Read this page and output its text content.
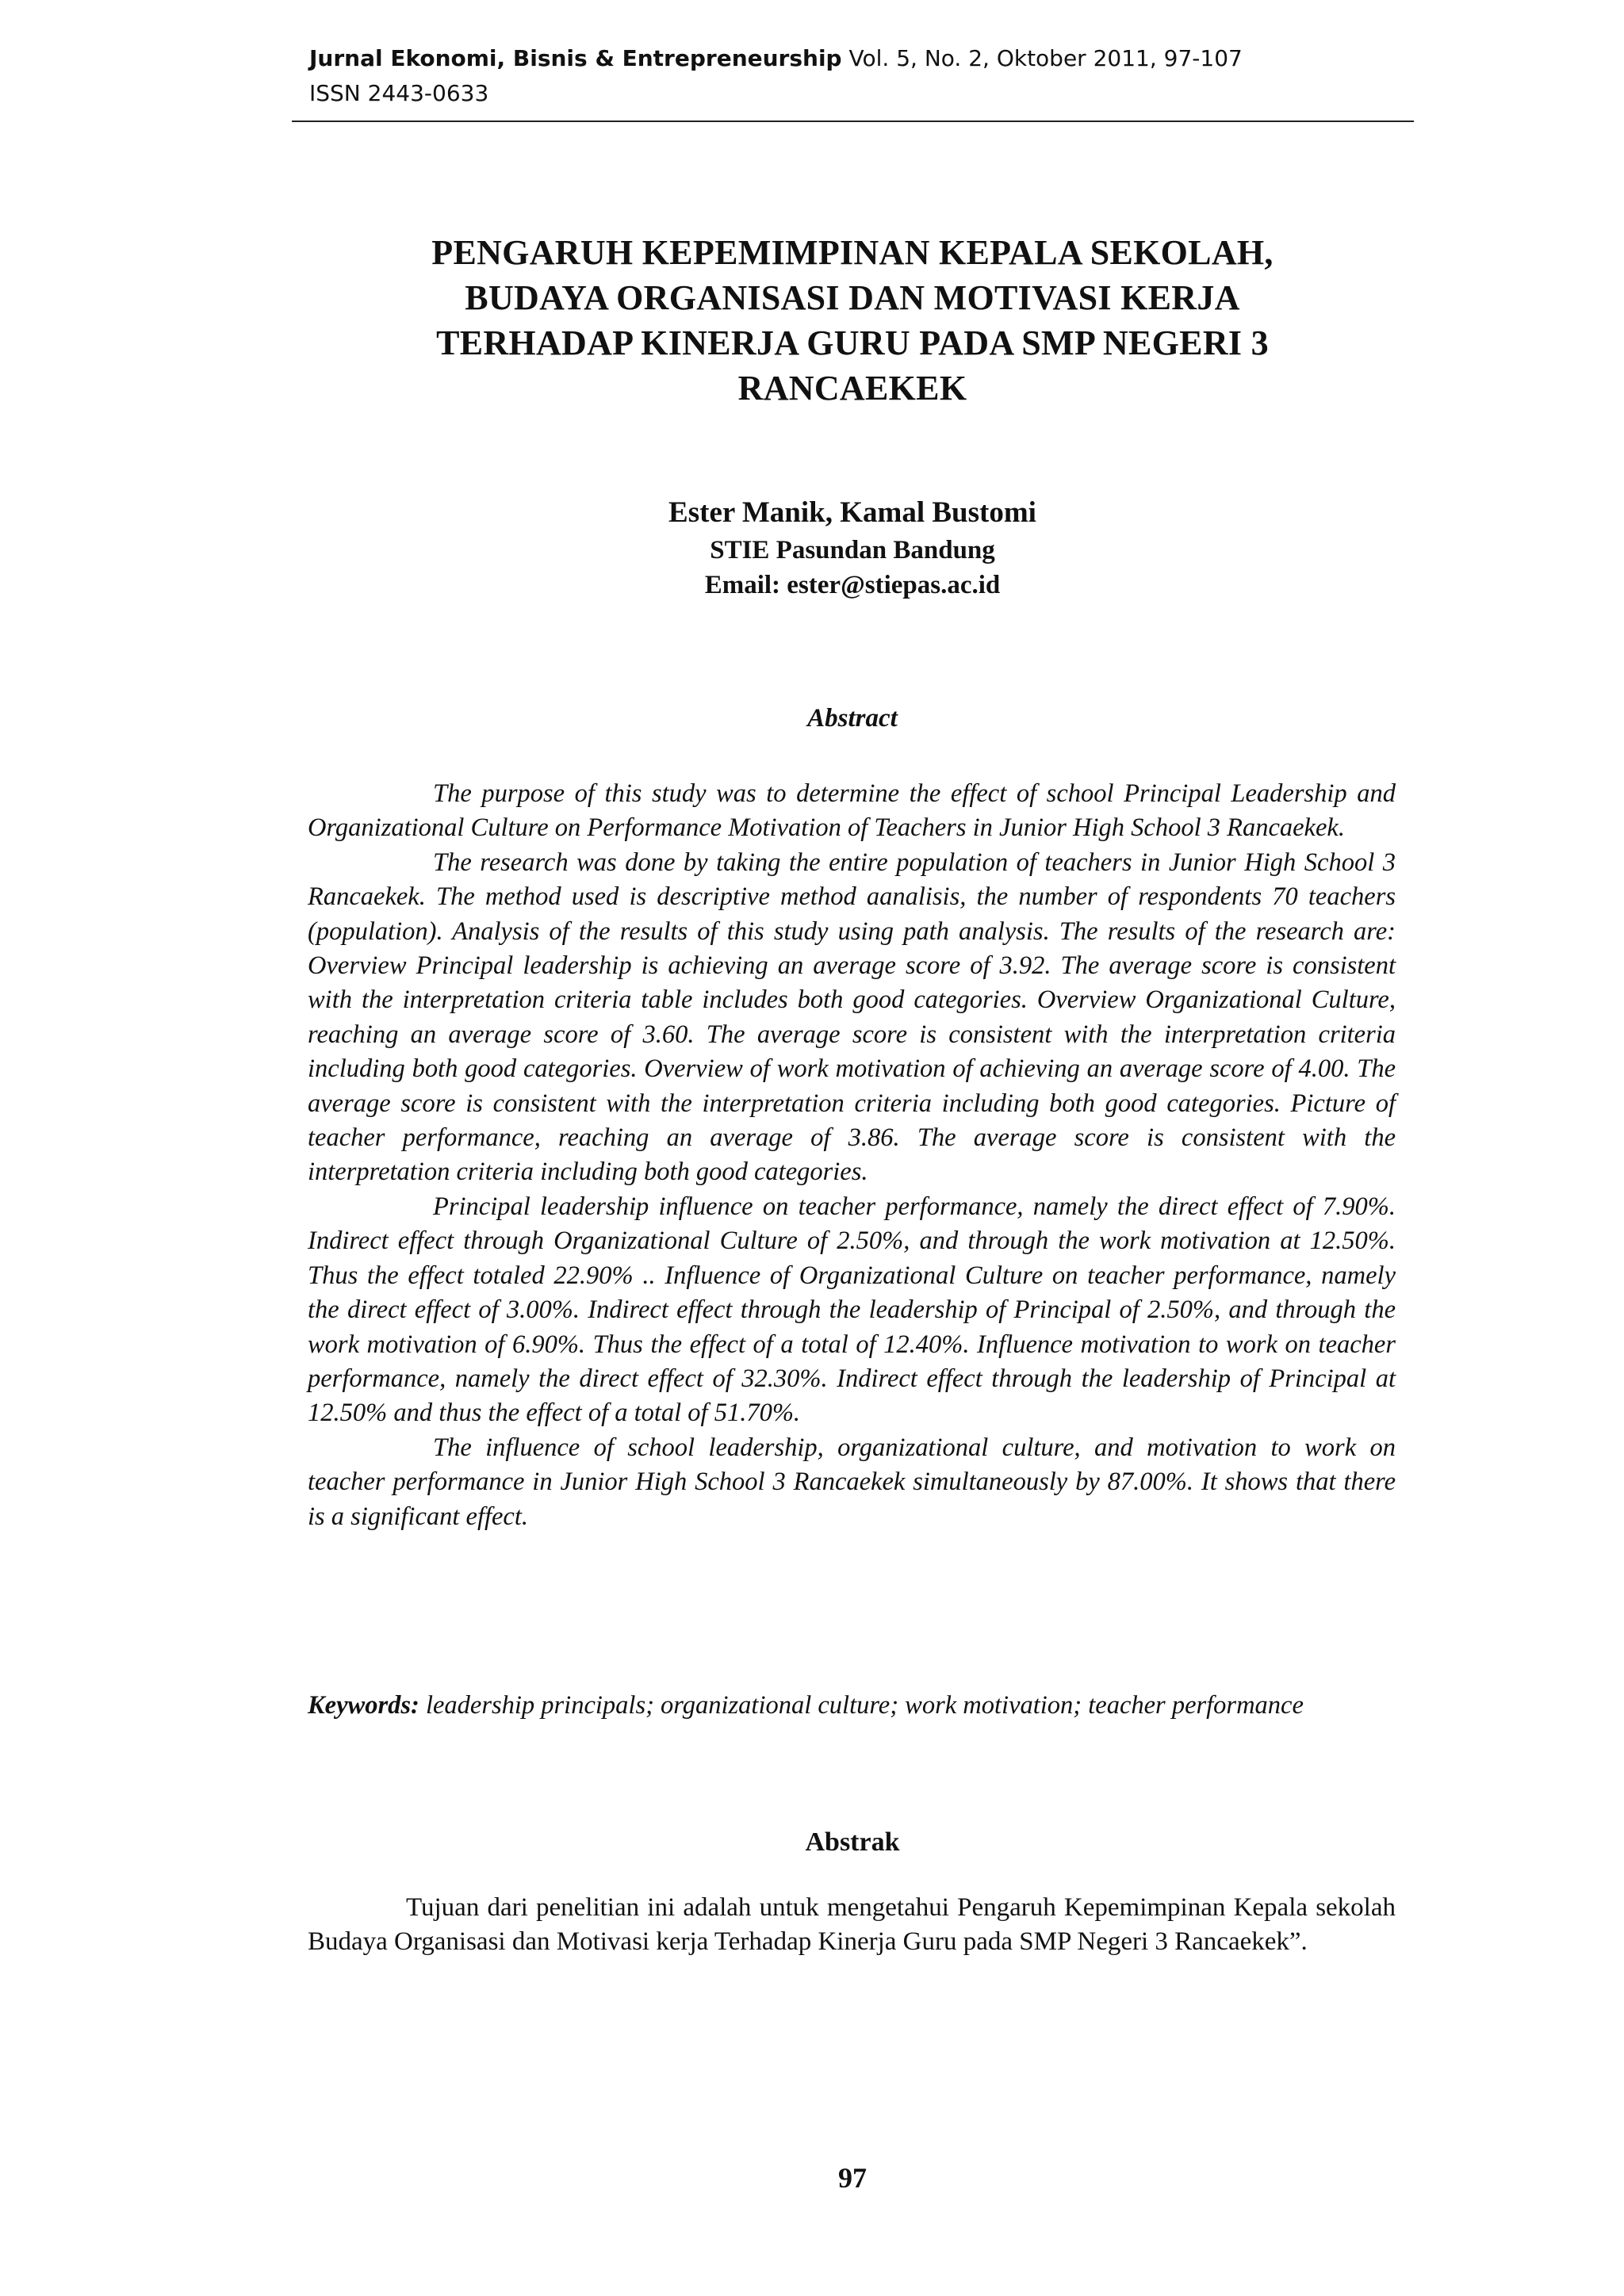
Jurnal Ekonomi, Bisnis & Entrepreneurship Vol. 5, No. 2, Oktober 2011, 97-107
ISSN 2443-0633
PENGARUH KEPEMIMPINAN KEPALA SEKOLAH,
BUDAYA ORGANISASI DAN MOTIVASI KERJA
TERHADAP KINERJA GURU PADA SMP NEGERI 3
RANCAEKEK
Ester Manik, Kamal Bustomi
STIE Pasundan Bandung
Email: ester@stiepas.ac.id
Abstract

The purpose of this study was to determine the effect of school Principal Leadership and Organizational Culture on Performance Motivation of Teachers in Junior High School 3 Rancaekek.

The research was done by taking the entire population of teachers in Junior High School 3 Rancaekek. The method used is descriptive method aanalisis, the number of respondents 70 teachers (population). Analysis of the results of this study using path analysis. The results of the research are: Overview Principal leadership is achieving an average score of 3.92. The average score is consistent with the interpretation criteria table includes both good categories. Overview Organizational Culture, reaching an average score of 3.60. The average score is consistent with the interpretation criteria including both good categories. Overview of work motivation of achieving an average score of 4.00. The average score is consistent with the interpretation criteria including both good categories. Picture of teacher performance, reaching an average of 3.86. The average score is consistent with the interpretation criteria including both good categories.

Principal leadership influence on teacher performance, namely the direct effect of 7.90%. Indirect effect through Organizational Culture of 2.50%, and through the work motivation at 12.50%. Thus the effect totaled 22.90% .. Influence of Organizational Culture on teacher performance, namely the direct effect of 3.00%. Indirect effect through the leadership of Principal of 2.50%, and through the work motivation of 6.90%. Thus the effect of a total of 12.40%. Influence motivation to work on teacher performance, namely the direct effect of 32.30%. Indirect effect through the leadership of Principal at 12.50% and thus the effect of a total of 51.70%.

The influence of school leadership, organizational culture, and motivation to work on teacher performance in Junior High School 3 Rancaekek simultaneously by 87.00%. It shows that there is a significant effect.

Keywords: leadership principals; organizational culture; work motivation; teacher performance
Abstrak

Tujuan dari penelitian ini adalah untuk mengetahui Pengaruh Kepemimpinan Kepala sekolah Budaya Organisasi dan Motivasi kerja Terhadap Kinerja Guru pada SMP Negeri 3 Rancaekek”.

97
